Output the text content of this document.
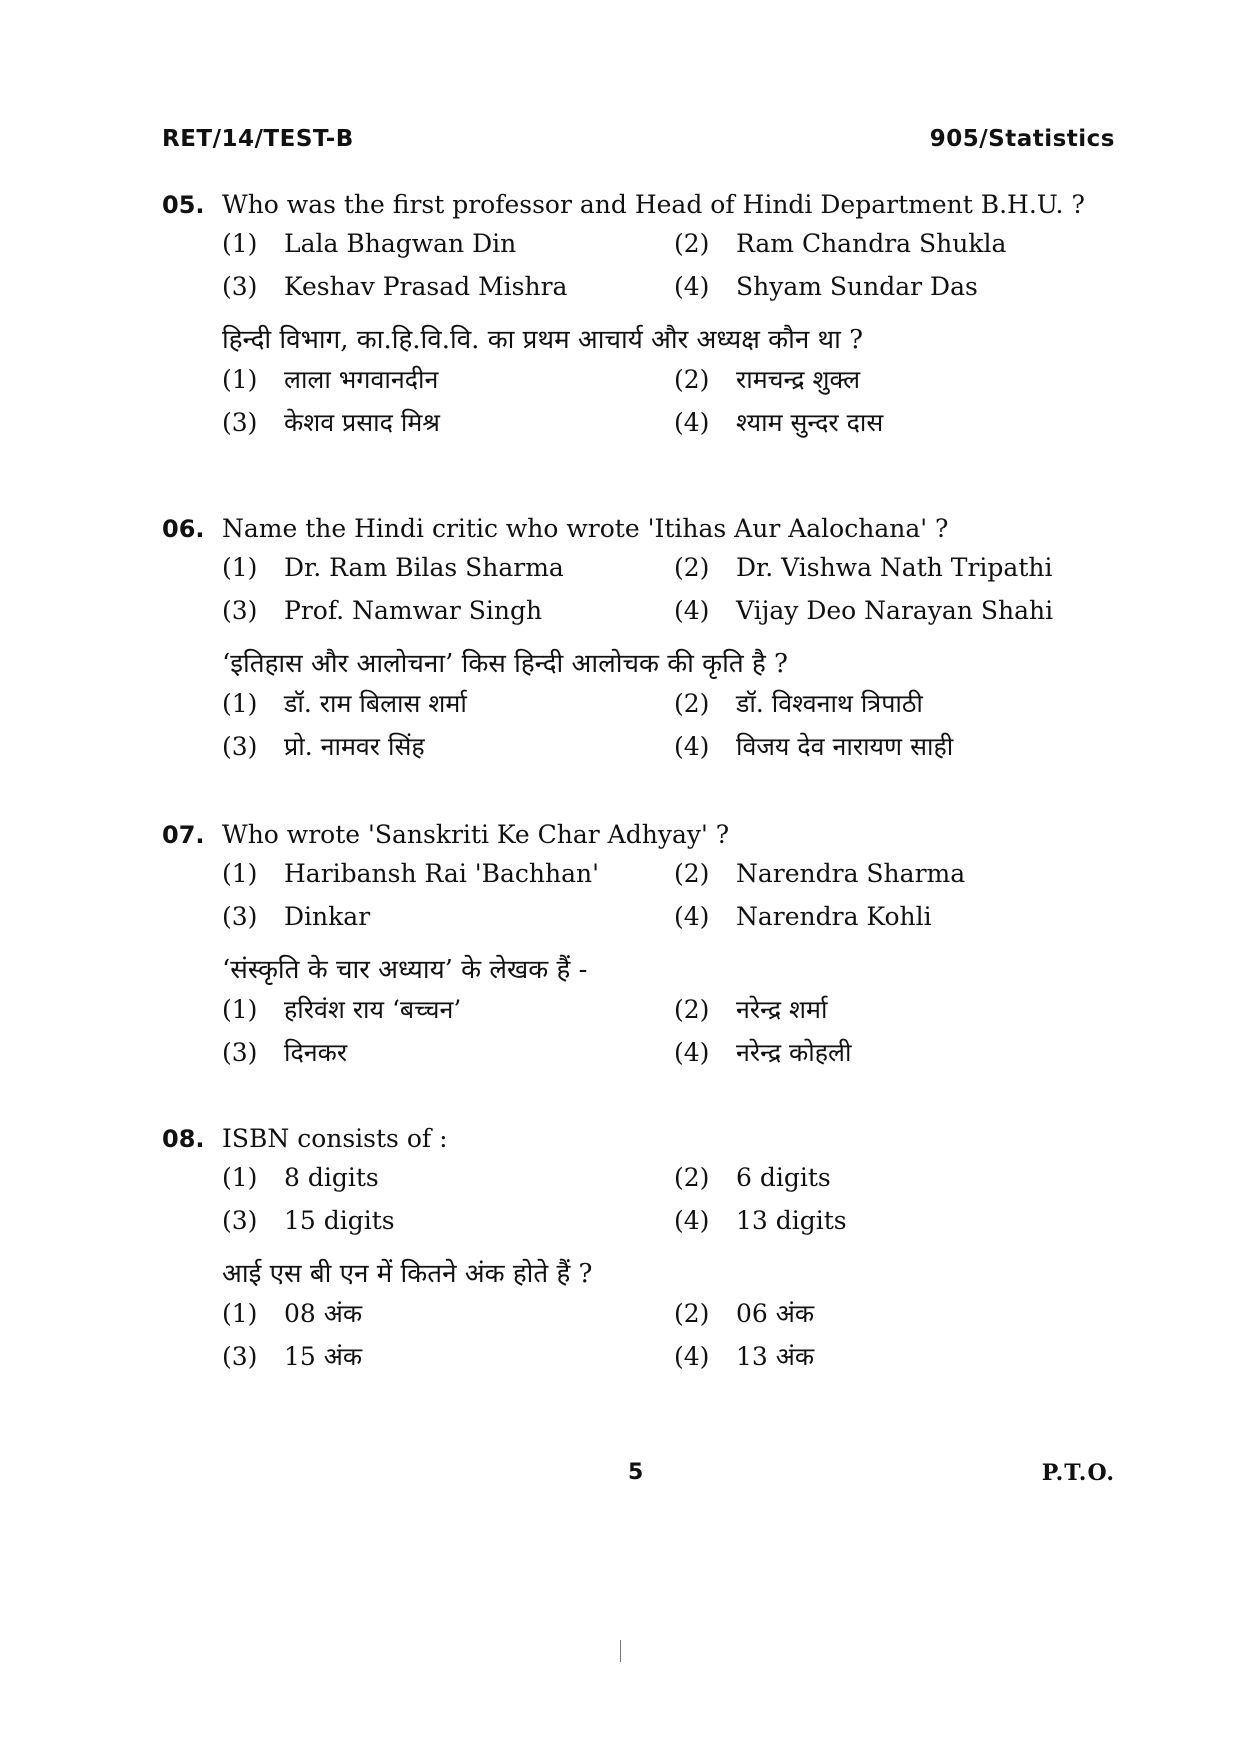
RET/14/TEST-B	905/Statistics
05. Who was the first professor and Head of Hindi Department B.H.U. ?
(1)	Lala Bhagwan Din	(2)	Ram Chandra Shukla
(3)	Keshav Prasad Mishra	(4)	Shyam Sundar Das
हिन्दी विभाग, का.हि.वि.वि. का प्रथम आचार्य और अध्यक्ष कौन था ?
(1)	लाला भगवानदीन	(2)	रामचन्द्र शुक्ल
(3)	केशव प्रसाद मिश्र	(4)	श्याम सुन्दर दास
06. Name the Hindi critic who wrote 'Itihas Aur Aalochana' ?
(1)	Dr. Ram Bilas Sharma	(2)	Dr. Vishwa Nath Tripathi
(3)	Prof. Namwar Singh	(4)	Vijay Deo Narayan Shahi
‘इतिहास और आलोचना’ किस हिन्दी आलोचक की कृति है ?
(1)	डॉ. राम बिलास शर्मा	(2)	डॉ. विश्वनाथ त्रिपाठी
(3)	प्रो. नामवर सिंह	(4)	विजय देव नारायण साही
07. Who wrote 'Sanskriti Ke Char Adhyay' ?
(1)	Haribansh Rai 'Bachhan'	(2)	Narendra Sharma
(3)	Dinkar	(4)	Narendra Kohli
‘संस्कृति के चार अध्याय’ के लेखक हैं -
(1)	हरिवंश राय ‘बच्चन’	(2)	नरेन्द्र शर्मा
(3)	दिनकर	(4)	नरेन्द्र कोहली
08. ISBN consists of :
(1)	8 digits	(2)	6 digits
(3)	15 digits	(4)	13 digits
आई एस बी एन में कितने अंक होते हैं ?
(1)	08 अंक	(2)	06 अंक
(3)	15 अंक	(4)	13 अंक
5	P.T.O.
